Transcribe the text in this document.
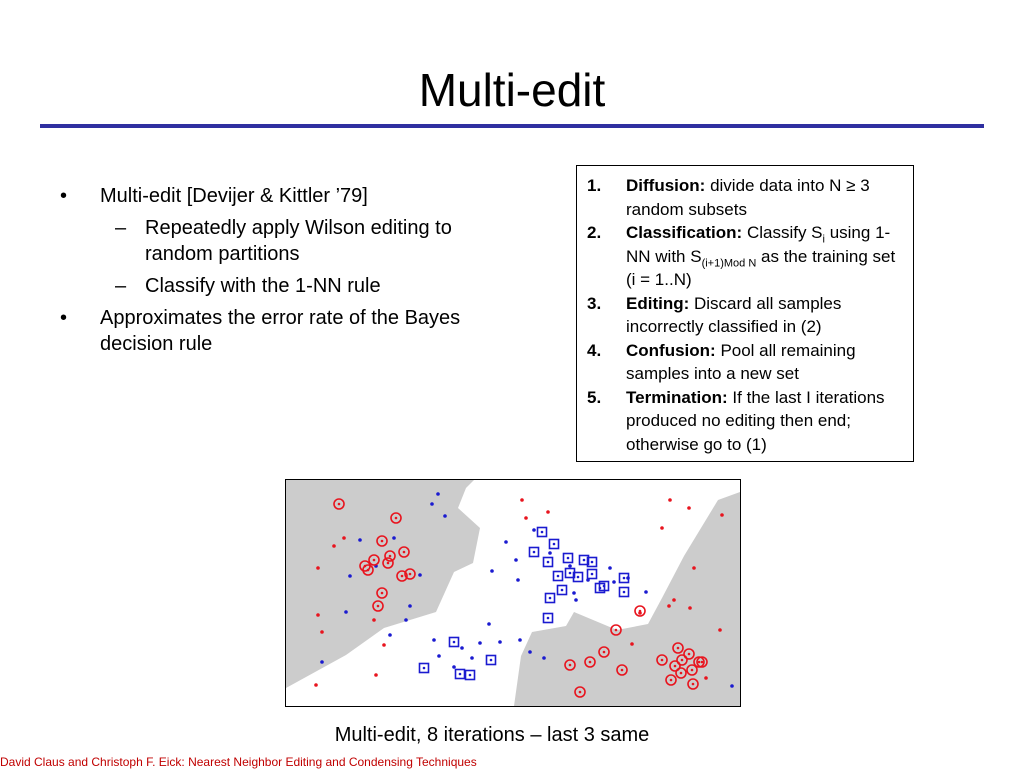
Multi-edit
• Multi-edit [Devijer & Kittler ’79]
– Repeatedly apply Wilson editing to random partitions
– Classify with the 1-NN rule
• Approximates the error rate of the Bayes decision rule
1. Diffusion: divide data into N ≥ 3 random subsets
2. Classification: Classify $S_i$ using 1-NN with $S_{(i+1)Mod N}$ as the training set (i = 1..N)
3. Editing: Discard all samples incorrectly classified in (2)
4. Confusion: Pool all remaining samples into a new set
5. Termination: If the last I iterations produced no editing then end; otherwise go to (1)
Multi-edit, 8 iterations – last 3 same
David Claus and Christoph F. Eick: Nearest Neighbor Editing and Condensing Techniques
